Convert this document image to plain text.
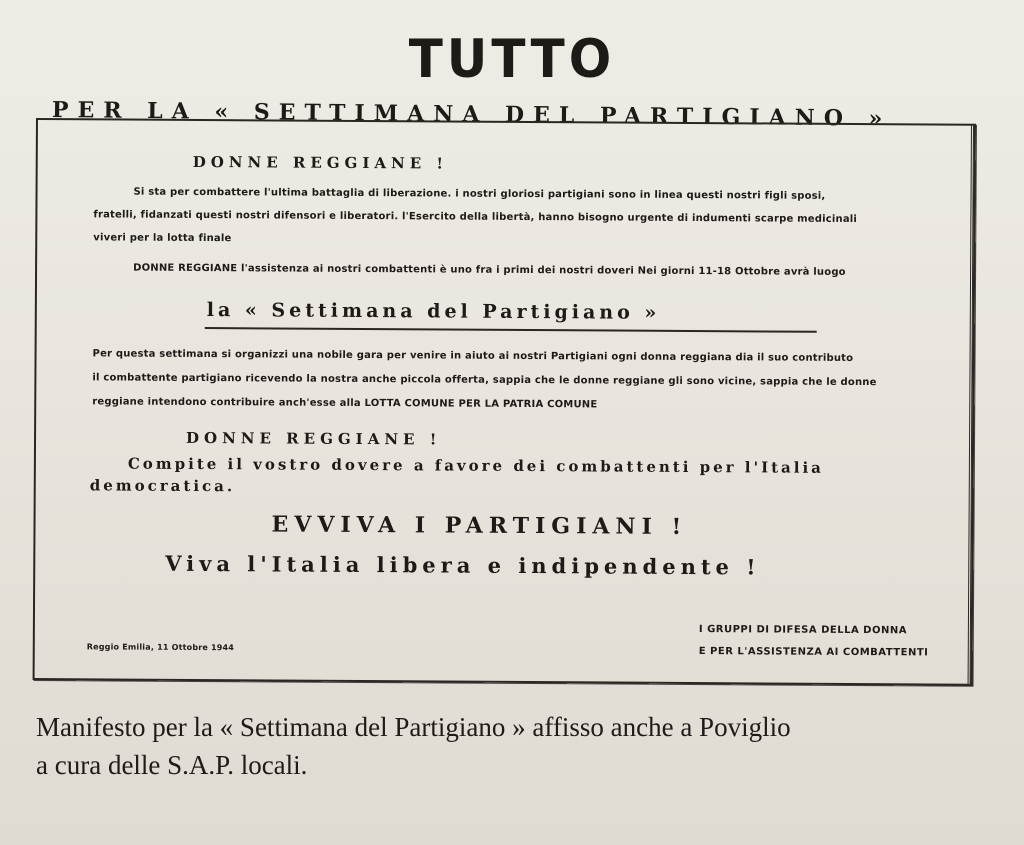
TUTTO
PER LA « SETTIMANA DEL PARTIGIANO »
DONNE REGGIANE !
Si sta per combattere l'ultima battaglia di liberazione. i nostri gloriosi partigiani sono in linea questi nostri figli sposi,
fratelli, fidanzati questi nostri difensori e liberatori. l'Esercito della libertà, hanno bisogno urgente di indumenti scarpe medicinali
viveri per la lotta finale
DONNE REGGIANE l'assistenza ai nostri combattenti è uno fra i primi dei nostri doveri Nei giorni 11-18 Ottobre avrà luogo
la « Settimana del Partigiano »
Per questa settimana si organizzi una nobile gara per venire in aiuto ai nostri Partigiani ogni donna reggiana dia il suo contributo
il combattente partigiano ricevendo la nostra anche piccola offerta, sappia che le donne reggiane gli sono vicine, sappia che le donne
reggiane intendono contribuire anch'esse alla LOTTA COMUNE PER LA PATRIA COMUNE
DONNE REGGIANE !
Compite il vostro dovere a favore dei combattenti per l'Italia
democratica.
EVVIVA I PARTIGIANI !
Viva l'Italia libera e indipendente !
Reggio Emilia, 11 Ottobre 1944
I GRUPPI DI DIFESA DELLA DONNA
E PER L'ASSISTENZA AI COMBATTENTI
Manifesto per la « Settimana del Partigiano » affisso anche a Poviglio
a cura delle S.A.P. locali.
